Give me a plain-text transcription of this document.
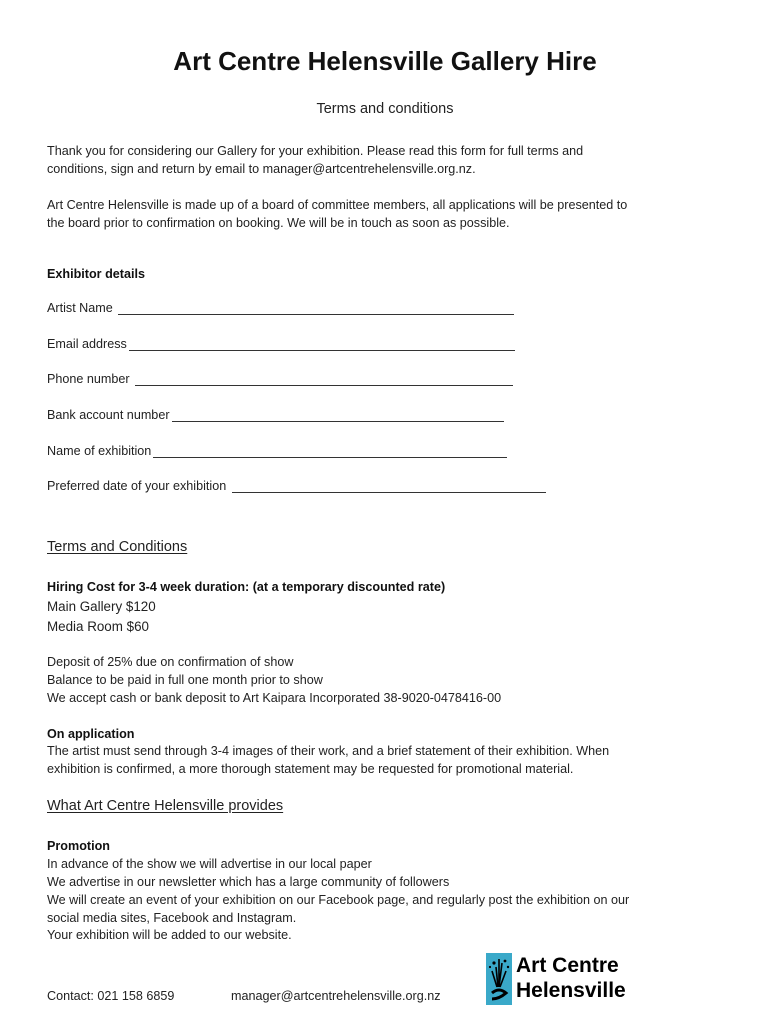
Art Centre Helensville Gallery Hire
Terms and conditions
Thank you for considering our Gallery for your exhibition. Please read this form for full terms and
conditions, sign and return by email to manager@artcentrehelensville.org.nz.
Art Centre Helensville is made up of a board of committee members, all applications will be presented to
the board prior to confirmation on booking. We will be in touch as soon as possible.
Exhibitor details
Artist Name
Email address
Phone number
Bank account number
Name of exhibition
Preferred date of your exhibition
Terms and Conditions
Hiring Cost for 3-4 week duration: (at a temporary discounted rate)
Main Gallery $120
Media Room $60
Deposit of 25% due on confirmation of show
Balance to be paid in full one month prior to show
We accept cash or bank deposit to Art Kaipara Incorporated 38-9020-0478416-00
On application
The artist must send through 3-4 images of their work, and a brief statement of their exhibition. When
exhibition is confirmed, a more thorough statement may be requested for promotional material.
What Art Centre Helensville provides
Promotion
In advance of the show we will advertise in our local paper
We advertise in our newsletter which has a large community of followers
We will create an event of your exhibition on our Facebook page, and regularly post the exhibition on our
social media sites, Facebook and Instagram.
Your exhibition will be added to our website.
Contact: 021 158 6859	manager@artcentrehelensville.org.nz
Art Centre
Helensville
